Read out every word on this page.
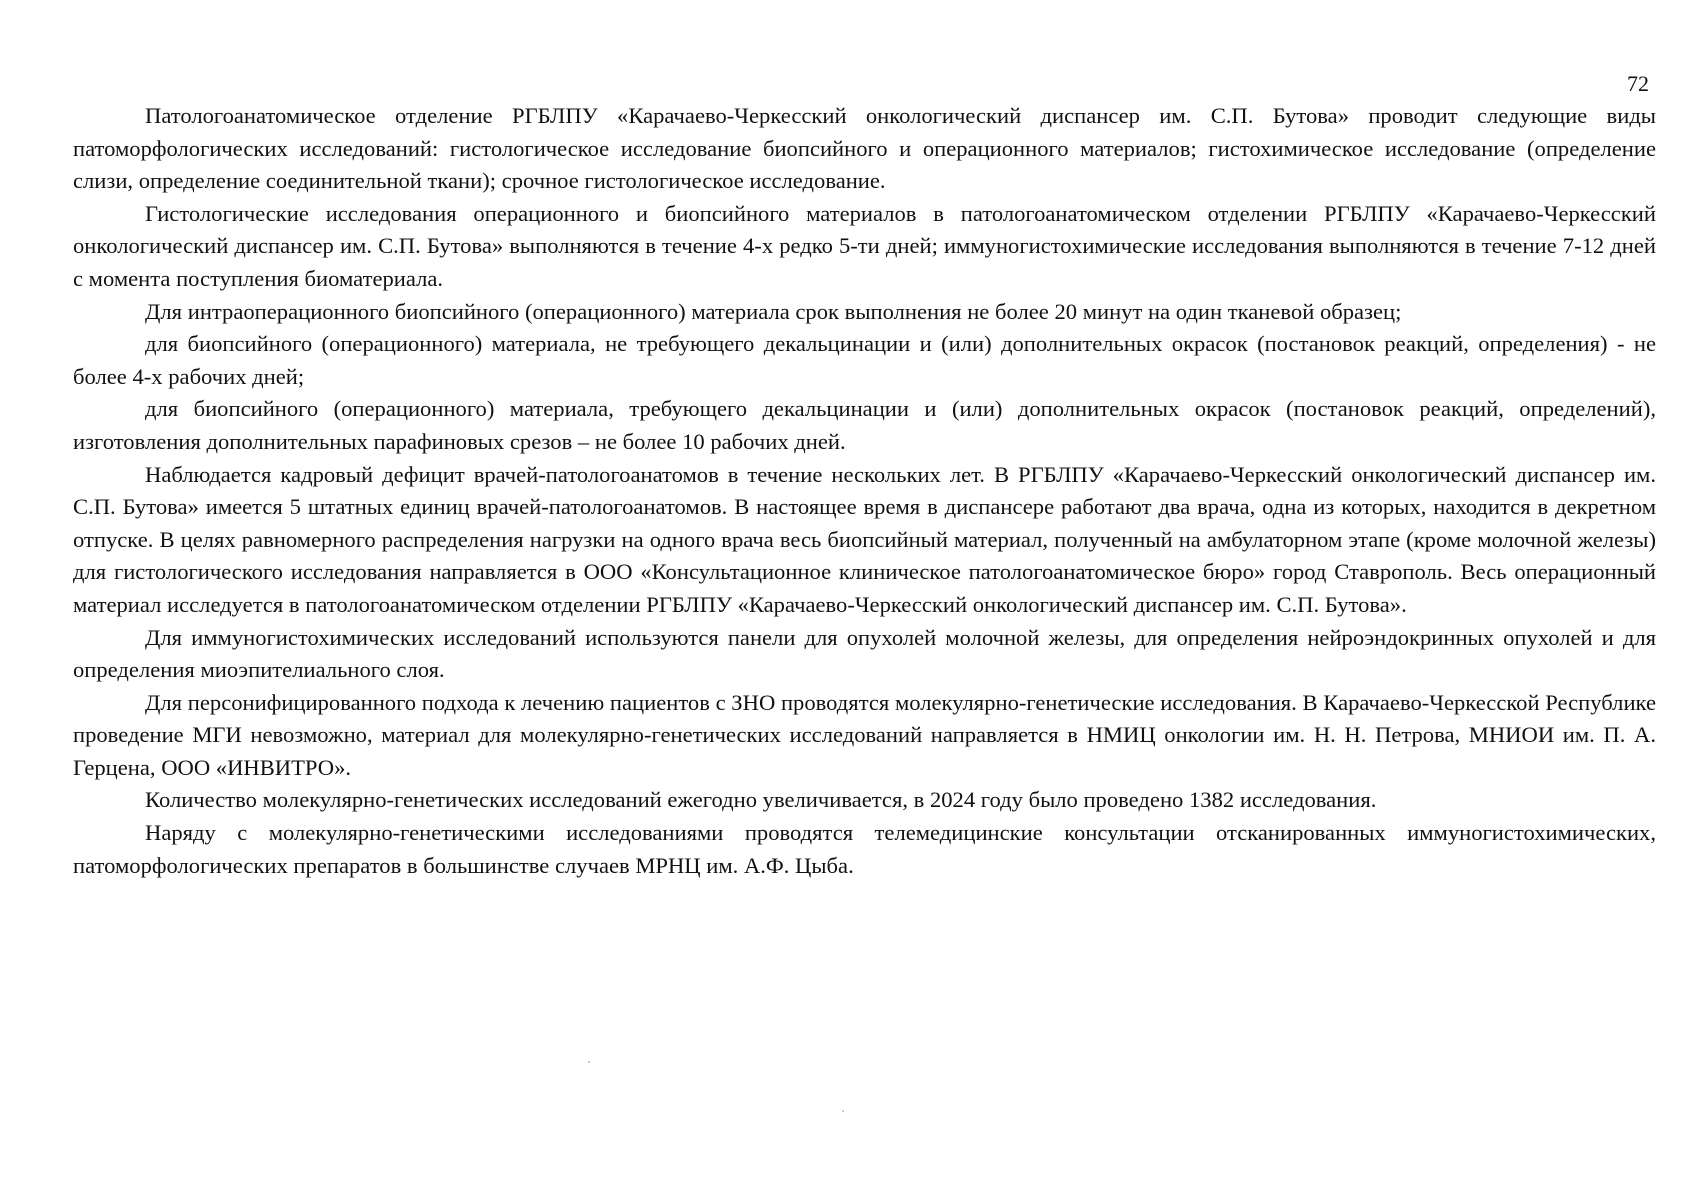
72

Патологоанатомическое отделение РГБЛПУ «Карачаево-Черкесский онкологический диспансер им. С.П. Бутова» проводит следующие виды патоморфологических исследований: гистологическое исследование биопсийного и операционного материалов; гистохимическое исследование (определение слизи, определение соединительной ткани); срочное гистологическое исследование.

Гистологические исследования операционного и биопсийного материалов в патологоанатомическом отделении РГБЛПУ «Карачаево-Черкесский онкологический диспансер им. С.П. Бутова» выполняются в течение 4-х редко 5-ти дней; иммуногистохимические исследования выполняются в течение 7-12 дней с момента поступления биоматериала.

Для интраоперационного биопсийного (операционного) материала срок выполнения не более 20 минут на один тканевой образец;

для биопсийного (операционного) материала, не требующего декальцинации и (или) дополнительных окрасок (постановок реакций, определения) - не более 4-х рабочих дней;

для биопсийного (операционного) материала, требующего декальцинации и (или) дополнительных окрасок (постановок реакций, определений), изготовления дополнительных парафиновых срезов – не более 10 рабочих дней.

Наблюдается кадровый дефицит врачей-патологоанатомов в течение нескольких лет. В РГБЛПУ «Карачаево-Черкесский онкологический диспансер им. С.П. Бутова» имеется 5 штатных единиц врачей-патологоанатомов. В настоящее время в диспансере работают два врача, одна из которых, находится в декретном отпуске. В целях равномерного распределения нагрузки на одного врача весь биопсийный материал, полученный на амбулаторном этапе (кроме молочной железы) для гистологического исследования направляется в ООО «Консультационное клиническое патологоанатомическое бюро» город Ставрополь. Весь операционный материал исследуется в патологоанатомическом отделении РГБЛПУ «Карачаево-Черкесский онкологический диспансер им. С.П. Бутова».

Для иммуногистохимических исследований используются панели для опухолей молочной железы, для определения нейроэндокринных опухолей и для определения миоэпителиального слоя.

Для персонифицированного подхода к лечению пациентов с ЗНО проводятся молекулярно-генетические исследования. В Карачаево-Черкесской Республике проведение МГИ невозможно, материал для молекулярно-генетических исследований направляется в НМИЦ онкологии им. Н. Н. Петрова, МНИОИ им. П. А. Герцена, ООО «ИНВИТРО».

Количество молекулярно-генетических исследований ежегодно увеличивается, в 2024 году было проведено 1382 исследования.

Наряду с молекулярно-генетическими исследованиями проводятся телемедицинские консультации отсканированных иммуногистохимических, патоморфологических препаратов в большинстве случаев МРНЦ им. А.Ф. Цыба.
